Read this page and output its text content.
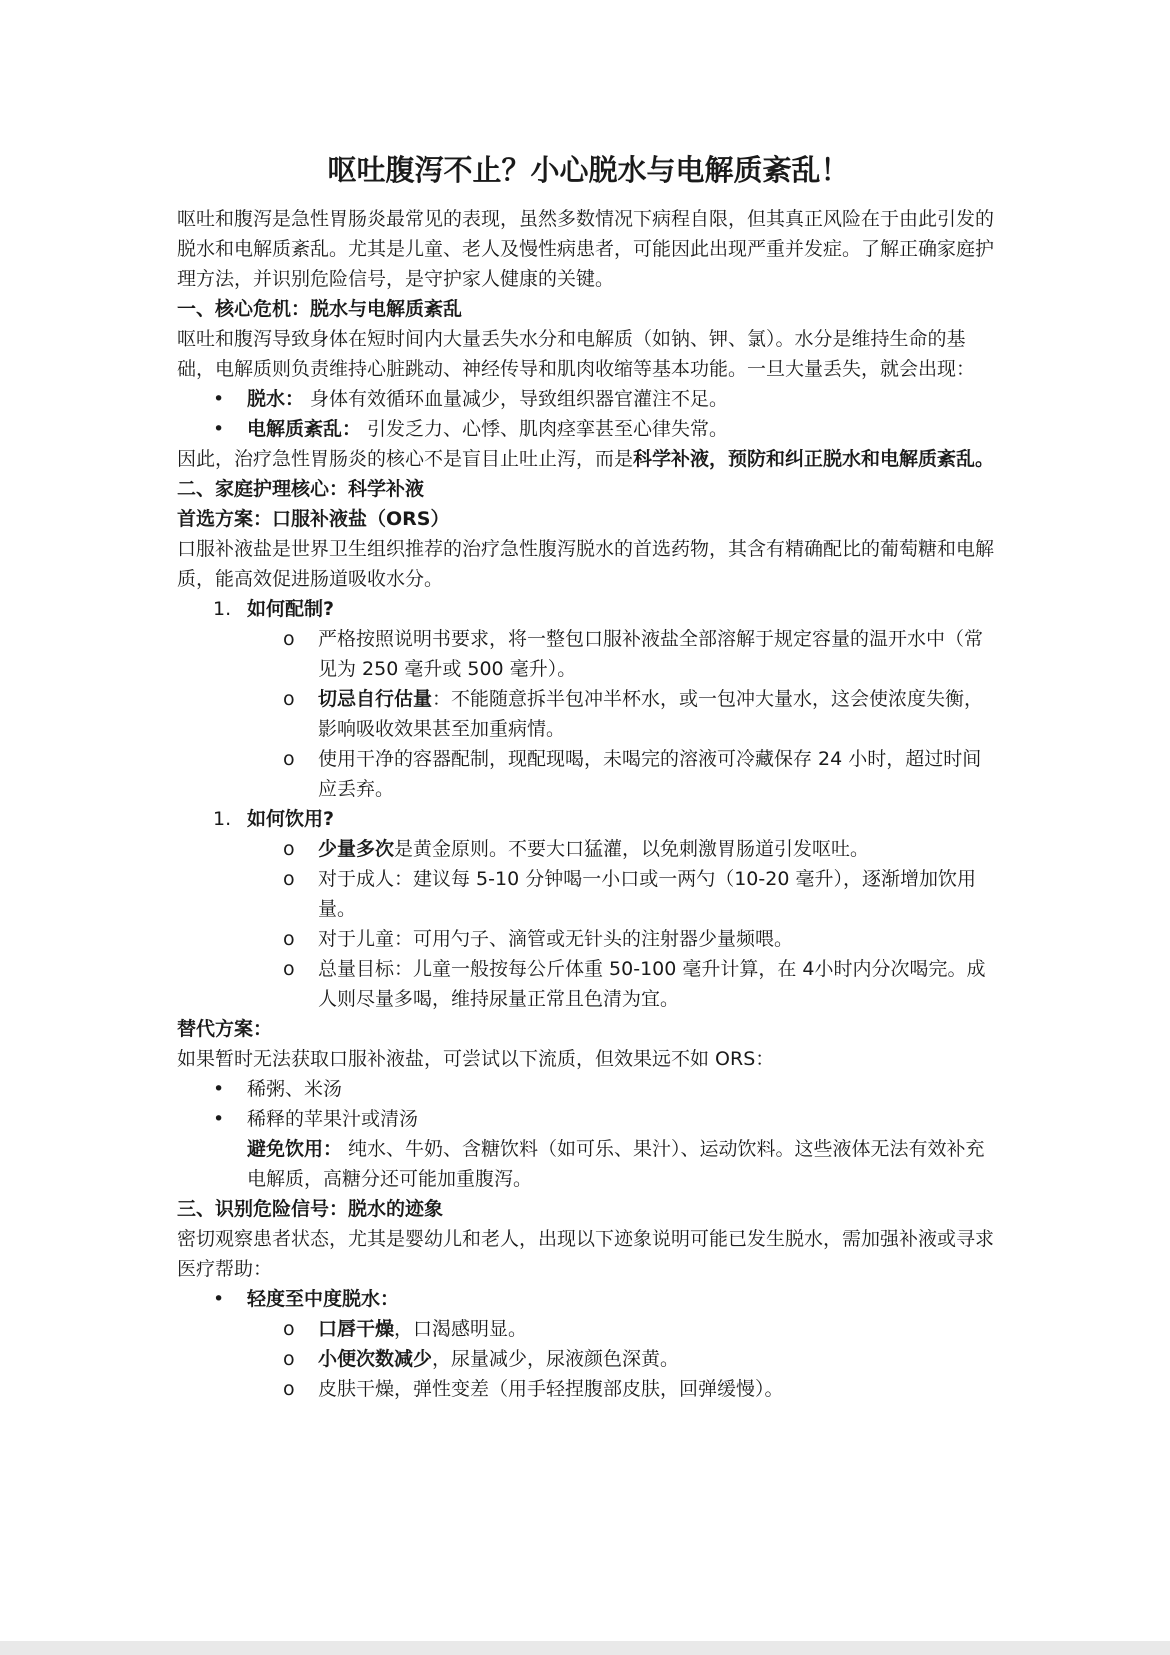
呕吐腹泻不止？小心脱水与电解质紊乱！

呕吐和腹泻是急性胃肠炎最常见的表现，虽然多数情况下病程自限，但其真正风险在于由此引发的脱水和电解质紊乱。尤其是儿童、老人及慢性病患者，可能因此出现严重并发症。了解正确家庭护理方法，并识别危险信号，是守护家人健康的关键。

一、核心危机：脱水与电解质紊乱

呕吐和腹泻导致身体在短时间内大量丢失水分和电解质（如钠、钾、氯）。水分是维持生命的基础，电解质则负责维持心脏跳动、神经传导和肌肉收缩等基本功能。一旦大量丢失，就会出现：

• 脱水： 身体有效循环血量减少，导致组织器官灌注不足。
• 电解质紊乱： 引发乏力、心悸、肌肉痉挛甚至心律失常。

因此，治疗急性胃肠炎的核心不是盲目止吐止泻，而是科学补液，预防和纠正脱水和电解质紊乱。

二、家庭护理核心：科学补液
首选方案：口服补液盐（ORS）

口服补液盐是世界卫生组织推荐的治疗急性腹泻脱水的首选药物，其含有精确配比的葡萄糖和电解质，能高效促进肠道吸收水分。

1. 如何配制?
o 严格按照说明书要求，将一整包口服补液盐全部溶解于规定容量的温开水中（常见为 250 毫升或 500 毫升）。
o 切忌自行估量：不能随意拆半包冲半杯水，或一包冲大量水，这会使浓度失衡，影响吸收效果甚至加重病情。
o 使用干净的容器配制，现配现喝，未喝完的溶液可冷藏保存 24 小时，超过时间应丢弃。
1. 如何饮用?
o 少量多次是黄金原则。不要大口猛灌，以免刺激胃肠道引发呕吐。
o 对于成人：建议每 5-10 分钟喝一小口或一两勺（10-20 毫升），逐渐增加饮用量。
o 对于儿童：可用勺子、滴管或无针头的注射器少量频喂。
o 总量目标：儿童一般按每公斤体重 50-100 毫升计算，在 4小时内分次喝完。成人则尽量多喝，维持尿量正常且色清为宜。
替代方案：

如果暂时无法获取口服补液盐，可尝试以下流质，但效果远不如 ORS：

• 稀粥、米汤
• 稀释的苹果汁或清汤
避免饮用： 纯水、牛奶、含糖饮料（如可乐、果汁）、运动饮料。这些液体无法有效补充电解质，高糖分还可能加重腹泻。
三、识别危险信号：脱水的迹象

密切观察患者状态，尤其是婴幼儿和老人，出现以下迹象说明可能已发生脱水，需加强补液或寻求医疗帮助：

• 轻度至中度脱水：
o 口唇干燥，口渴感明显。
o 小便次数减少，尿量减少，尿液颜色深黄。
o 皮肤干燥，弹性变差（用手轻捏腹部皮肤，回弹缓慢）。
